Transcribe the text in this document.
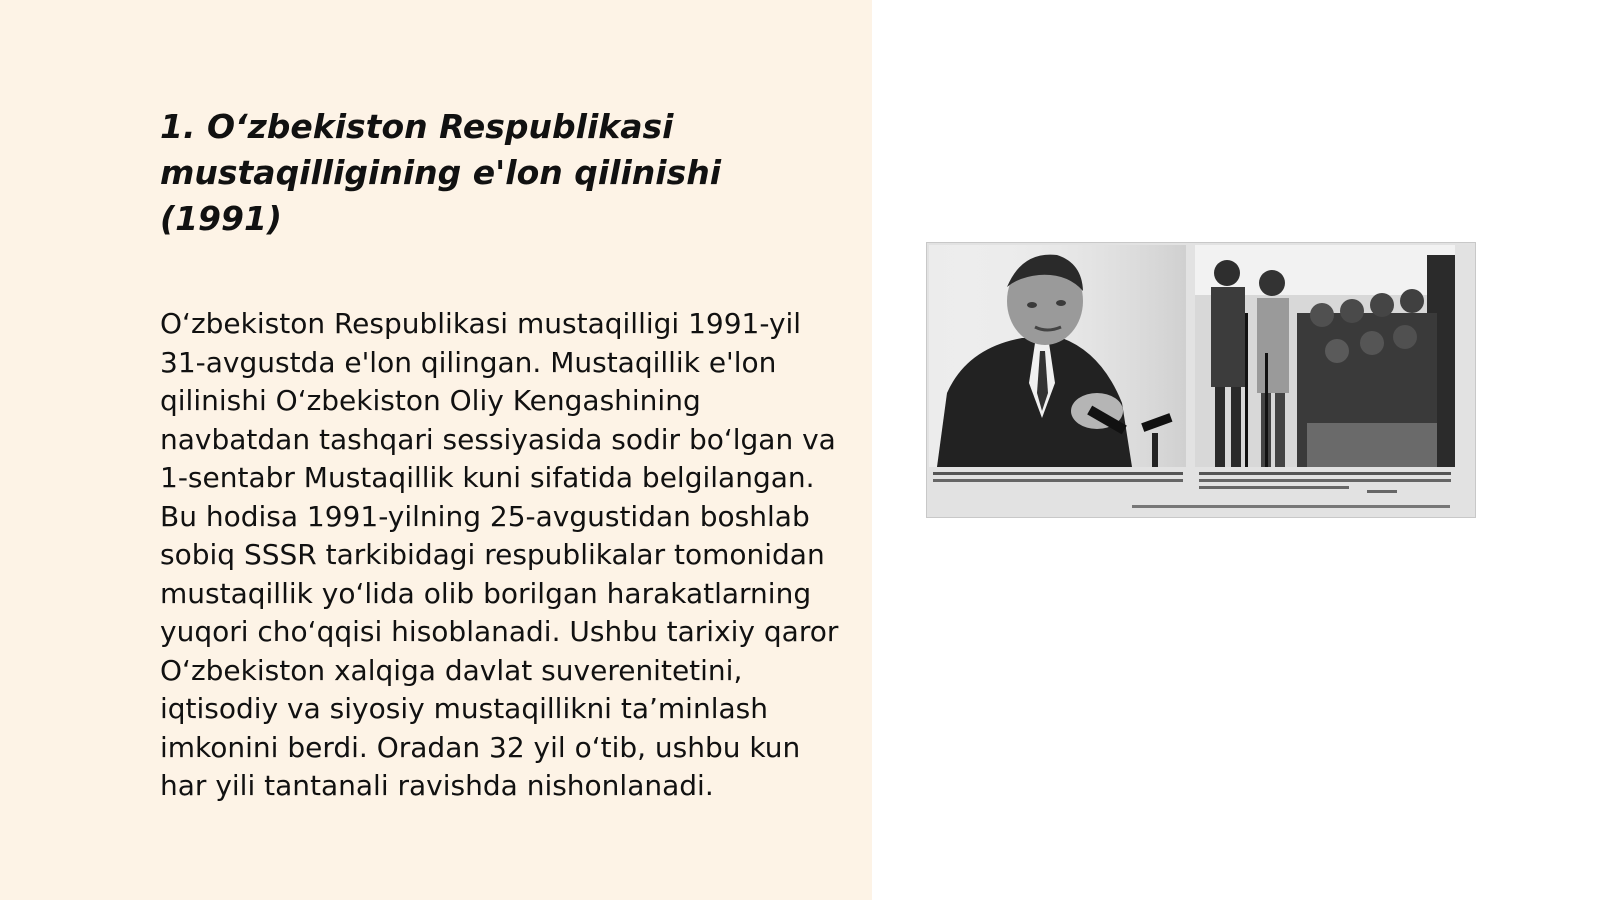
1. O‘zbekiston Respublikasi mustaqilligining e'lon qilinishi (1991)

O‘zbekiston Respublikasi mustaqilligi 1991-yil 31-avgustda e'lon qilingan. Mustaqillik e'lon qilinishi O‘zbekiston Oliy Kengashining navbatdan tashqari sessiyasida sodir bo‘lgan va 1-sentabr Mustaqillik kuni sifatida belgilangan. Bu hodisa 1991-yilning 25-avgustidan boshlab sobiq SSSR tarkibidagi respublikalar tomonidan mustaqillik yo‘lida olib borilgan harakatlarning yuqori cho‘qqisi hisoblanadi. Ushbu tarixiy qaror O‘zbekiston xalqiga davlat suverenitetini, iqtisodiy va siyosiy mustaqillikni ta’minlash imkonini berdi. Oradan 32 yil o‘tib, ushbu kun har yili tantanali ravishda nishonlanadi.
